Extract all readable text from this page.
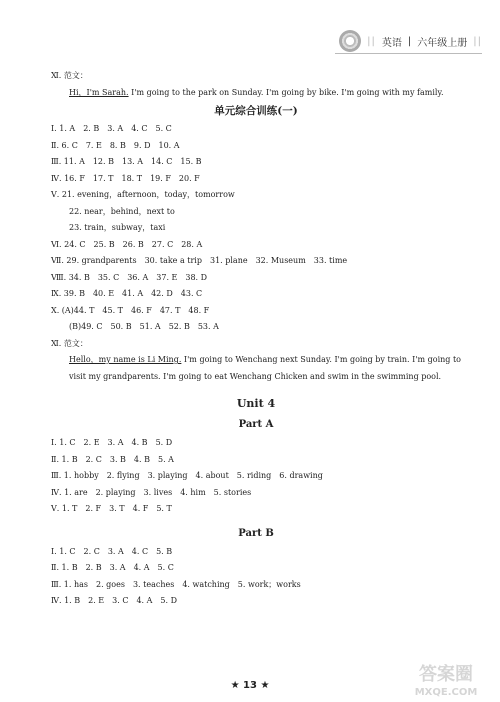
|| 英语 | 六年级上册 ||
Ⅺ. 范文：
Hi，I'm Sarah. I'm going to the park on Sunday. I'm going by bike. I'm going with my family.
单元综合训练(一)
Ⅰ. 1. A　2. B　3. A　4. C　5. C
Ⅱ. 6. C　7. E　8. B　9. D　10. A
Ⅲ. 11. A　12. B　13. A　14. C　15. B
Ⅳ. 16. F　17. T　18. T　19. F　20. F
Ⅴ. 21. evening，afternoon，today，tomorrow
22. near，behind，next to
23. train，subway，taxi
Ⅵ. 24. C　25. B　26. B　27. C　28. A
Ⅶ. 29. grandparents　30. take a trip　31. plane　32. Museum　33. time
Ⅷ. 34. B　35. C　36. A　37. E　38. D
Ⅸ. 39. B　40. E　41. A　42. D　43. C
Ⅹ. (A)44. T　45. T　46. F　47. T　48. F
(B)49. C　50. B　51. A　52. B　53. A
Ⅺ. 范文：
Hello，my name is Li Ming. I'm going to Wenchang next Sunday. I'm going by train. I'm going to visit my grandparents. I'm going to eat Wenchang Chicken and swim in the swimming pool.
Unit 4
Part A
Ⅰ. 1. C　2. E　3. A　4. B　5. D
Ⅱ. 1. B　2. C　3. B　4. B　5. A
Ⅲ. 1. hobby　2. flying　3. playing　4. about　5. riding　6. drawing
Ⅳ. 1. are　2. playing　3. lives　4. him　5. stories
Ⅴ. 1. T　2. F　3. T　4. F　5. T
Part B
Ⅰ. 1. C　2. C　3. A　4. C　5. B
Ⅱ. 1. B　2. B　3. A　4. A　5. C
Ⅲ. 1. has　2. goes　3. teaches　4. watching　5. work；works
Ⅳ. 1. B　2. E　3. C　4. A　5. D
★ 13 ★
答案圈
MXQE.COM
